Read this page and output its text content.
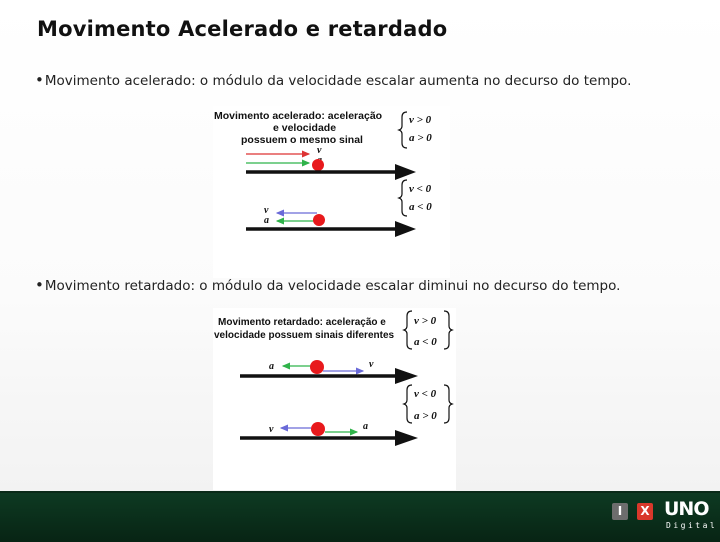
Movimento Acelerado e retardado
•Movimento acelerado: o módulo da velocidade escalar aumenta no decurso do tempo.
Movimento acelerado: aceleração
e velocidade
possuem o mesmo sinal
v > 0
a > 0
v
v < 0
a < 0
v
a
•Movimento retardado: o módulo da velocidade escalar diminui no decurso do tempo.
Movimento retardado: aceleração e
velocidade possuem sinais diferentes
v > 0
a < 0
a	v
v < 0
a > 0
v	a
I	X UNO
Digital
